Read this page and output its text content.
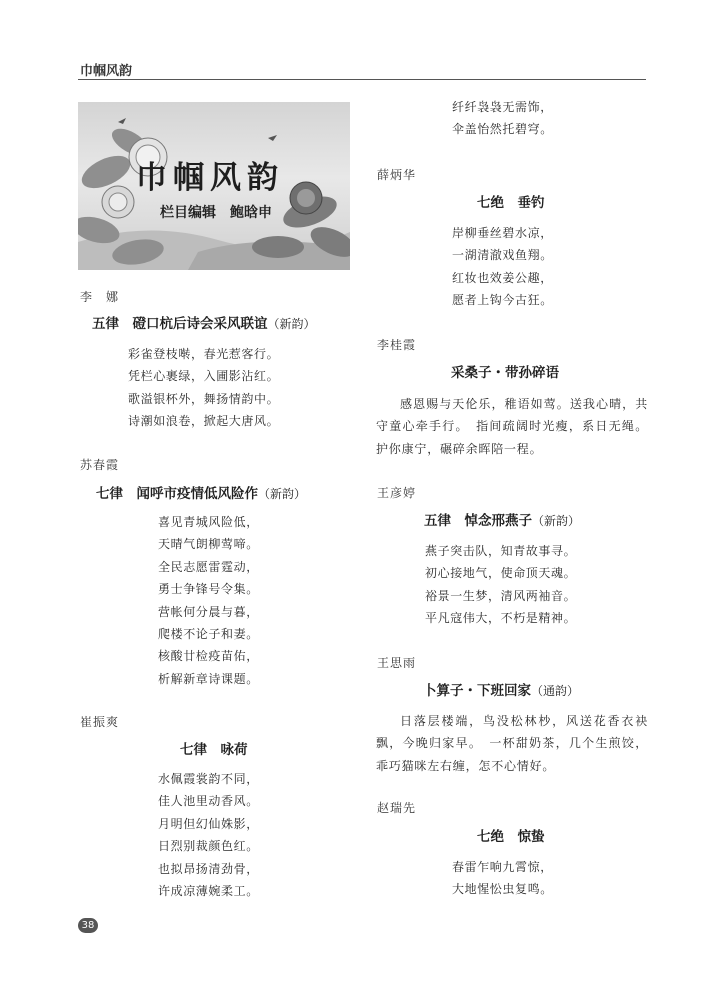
巾帼风韵
巾帼风韵
栏目编辑　 鲍晗申
李　娜
五律　磴口杭后诗会采风联谊（新韵）
彩雀登枝啭，春光惹客行。
凭栏心裹绿，入圃影沾红。
歌溢银杯外，舞扬情韵中。
诗潮如浪卷，掀起大唐风。
苏春霞
七律　闻呼市疫情低风险作（新韵）
喜见青城风险低，
天晴气朗柳莺啼。
全民志愿雷霆动，
勇士争锋号令集。
营帐何分晨与暮，
爬楼不论子和妻。
核酸廿检疫苗佑，
析解新章诗课题。
崔振爽
七律　咏荷
水佩霞裳韵不同，
佳人池里动香风。
月明但幻仙姝影，
日烈别裁颜色红。
也拟昂扬清劲骨，
许成凉薄婉柔工。
纤纤袅袅无需饰，
伞盖怡然托碧穹。
薛炳华
七绝　垂钓
岸柳垂丝碧水凉，
一湖清澈戏鱼翔。
红妆也效姜公趣，
愿者上钩今古狂。
李桂霞
采桑子・带孙碎语

感恩赐与天伦乐，稚语如莺。送我心晴，共守童心牵手行。　指间疏阔时光瘦，系日无绳。护你康宁，碾碎余晖陪一程。

王彦婷
五律　悼念邢燕子（新韵）
燕子突击队，知青故事寻。
初心接地气，使命顶天魂。
裕景一生梦，清风两袖音。
平凡寇伟大，不朽是精神。
王思雨
卜算子・下班回家（通韵）

日落层楼端，鸟没松林杪，风送花香衣袂飘，今晚归家早。　一杯甜奶茶，几个生煎饺，乖巧猫咪左右缠，怎不心情好。

赵瑞先
七绝　惊蛰
春雷乍响九霄惊，
大地惺忪虫复鸣。
38
